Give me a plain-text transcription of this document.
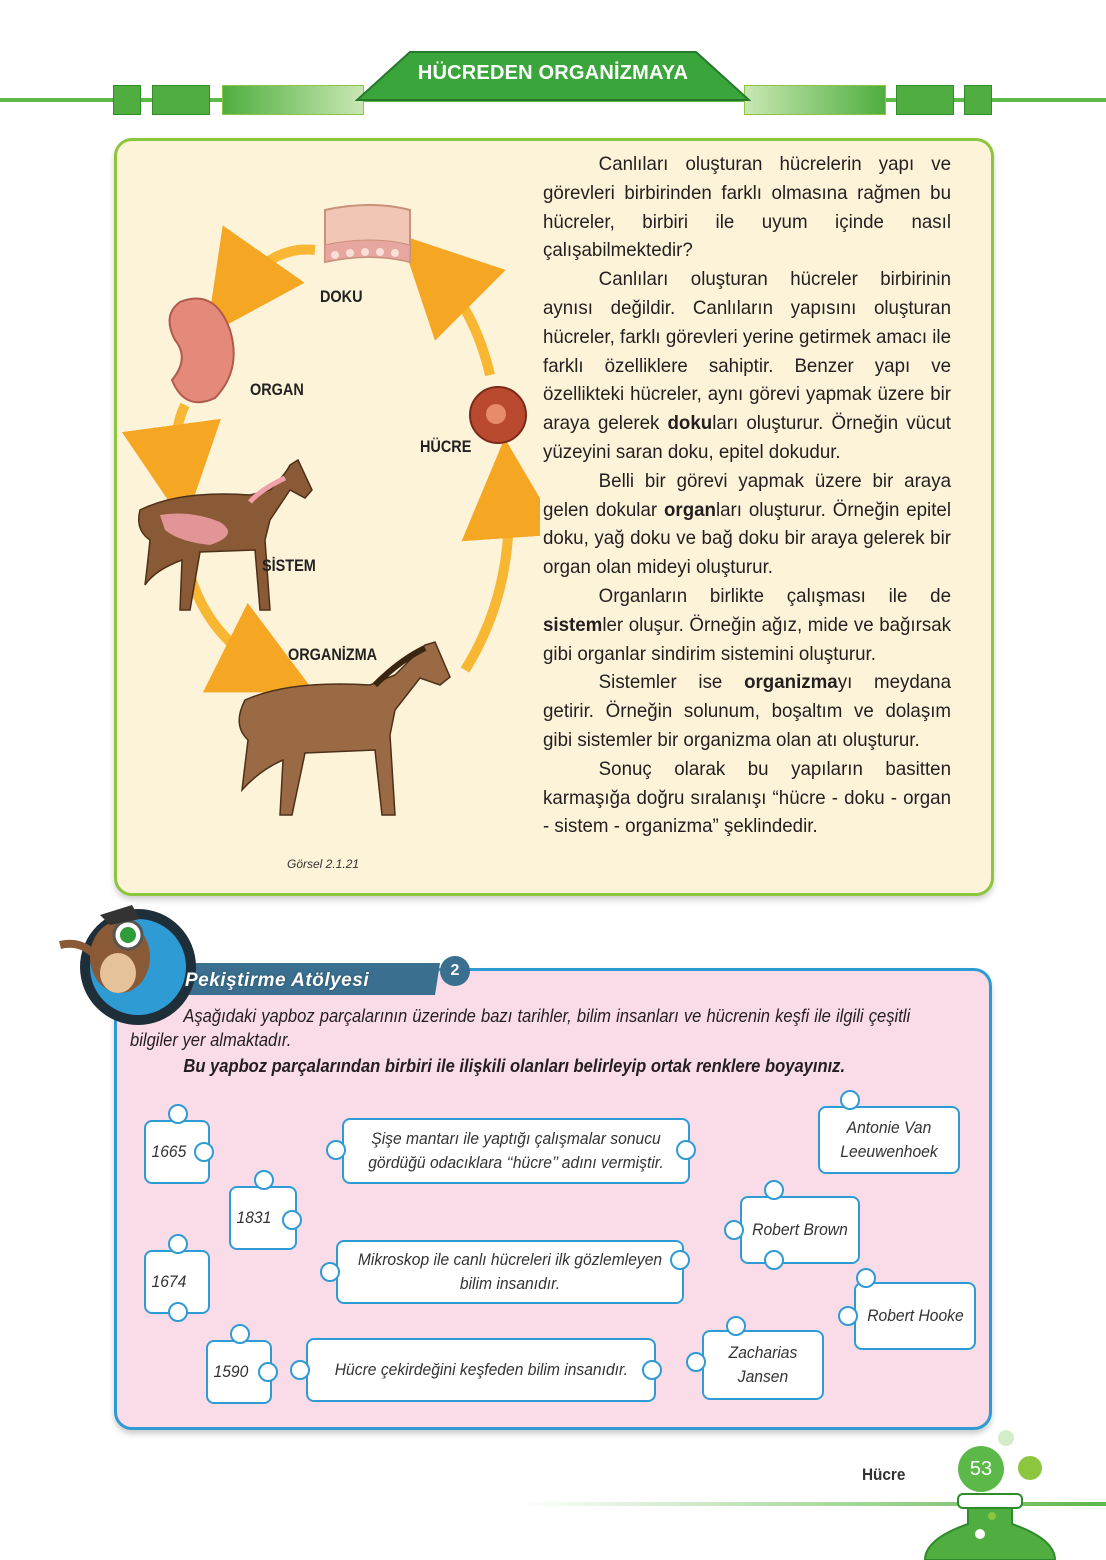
HÜCREDEN ORGANİZMAYA
DOKU
ORGAN
HÜCRE
SİSTEM
ORGANİZMA
Görsel 2.1.21

Canlıları oluşturan hücrelerin yapı ve görevleri birbirinden farklı olmasına rağmen bu hücreler, birbiri ile uyum içinde nasıl çalışabilmektedir?

Canlıları oluşturan hücreler birbirinin aynısı değildir. Canlıların yapısını oluşturan hücreler, farklı görevleri yerine getirmek amacı ile farklı özelliklere sahiptir. Benzer yapı ve özellikteki hücreler, aynı görevi yapmak üzere bir araya gelerek dokuları oluşturur. Örneğin vücut yüzeyini saran doku, epitel dokudur.

Belli bir görevi yapmak üzere bir araya gelen dokular organları oluşturur. Örneğin epitel doku, yağ doku ve bağ doku bir araya gelerek bir organ olan mideyi oluşturur.

Organların birlikte çalışması ile de sistemler oluşur. Örneğin ağız, mide ve bağırsak gibi organlar sindirim sistemini oluşturur.

Sistemler ise organizmayı meydana getirir. Örneğin solunum, boşaltım ve dolaşım gibi sistemler bir organizma olan atı oluşturur.

Sonuç olarak bu yapıların basitten karmaşığa doğru sıralanışı “hücre - doku - organ - sistem - organizma” şeklindedir.

Pekiştirme Atölyesi	2
Aşağıdaki yapboz parçalarının üzerinde bazı tarihler, bilim insanları ve hücrenin keşfi ile ilgili çeşitli bilgiler yer almaktadır.
Bu yapboz parçalarından birbiri ile ilişkili olanları belirleyip ortak renklere boyayınız.
1665
1831
1674
1590
Şişe mantarı ile yaptığı çalışmalar sonucu gördüğü odacıklara ‘‘hücre’’ adını vermiştir.
Mikroskop ile canlı hücreleri ilk gözlemleyen bilim insanıdır.
Hücre çekirdeğini keşfeden bilim insanıdır.
Antonie Van Leeuwenhoek
Robert Brown
Robert Hooke
Zacharias Jansen
Hücre	53
